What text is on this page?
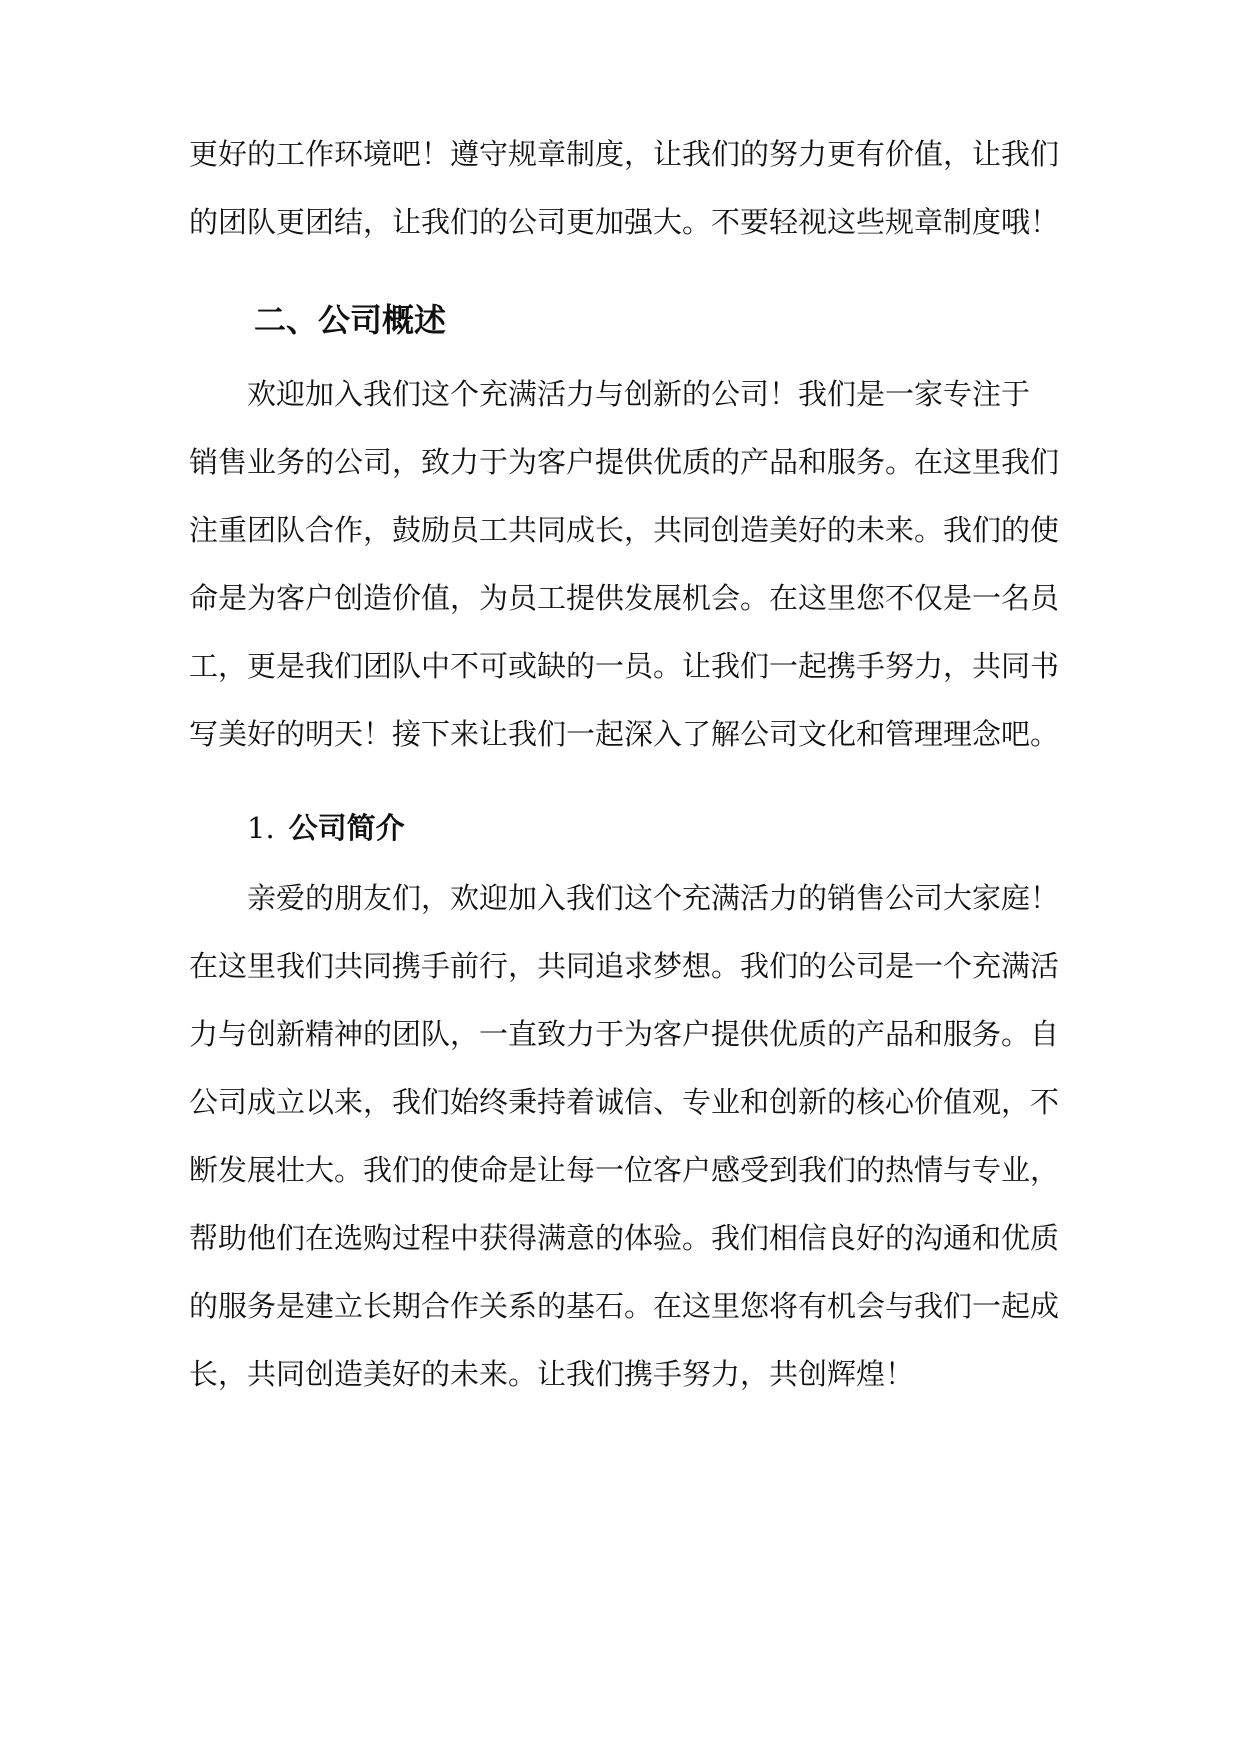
更好的工作环境吧！遵守规章制度，让我们的努力更有价值，让我们
的团队更团结，让我们的公司更加强大。不要轻视这些规章制度哦！
二、公司概述
欢迎加入我们这个充满活力与创新的公司！我们是一家专注于
销售业务的公司，致力于为客户提供优质的产品和服务。在这里我们
注重团队合作，鼓励员工共同成长，共同创造美好的未来。我们的使
命是为客户创造价值，为员工提供发展机会。在这里您不仅是一名员
工，更是我们团队中不可或缺的一员。让我们一起携手努力，共同书
写美好的明天！接下来让我们一起深入了解公司文化和管理理念吧。
1. 公司简介
亲爱的朋友们，欢迎加入我们这个充满活力的销售公司大家庭！
在这里我们共同携手前行，共同追求梦想。我们的公司是一个充满活
力与创新精神的团队，一直致力于为客户提供优质的产品和服务。自
公司成立以来，我们始终秉持着诚信、专业和创新的核心价值观，不
断发展壮大。我们的使命是让每一位客户感受到我们的热情与专业，
帮助他们在选购过程中获得满意的体验。我们相信良好的沟通和优质
的服务是建立长期合作关系的基石。在这里您将有机会与我们一起成
长，共同创造美好的未来。让我们携手努力，共创辉煌！
